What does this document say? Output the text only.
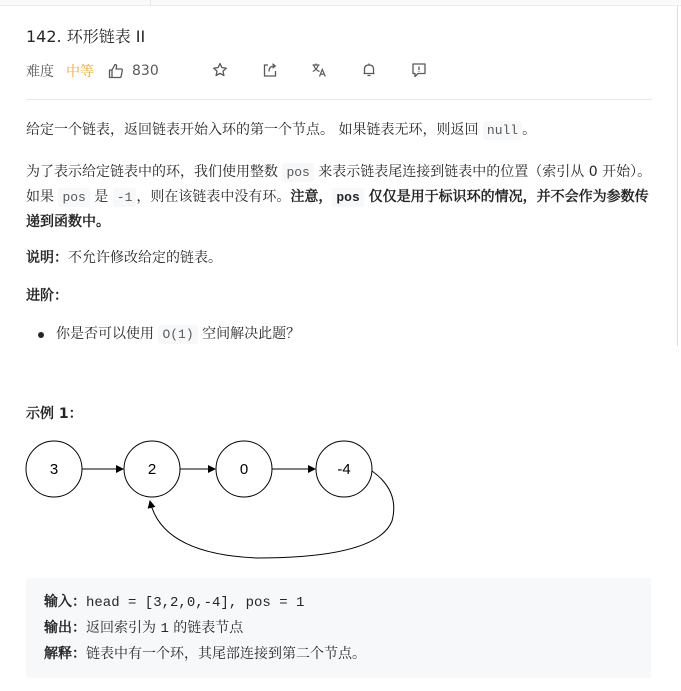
142. 环形链表 II
难度 中等	830
给定一个链表，返回链表开始入环的第一个节点。 如果链表无环，则返回 null 。
为了表示给定链表中的环，我们使用整数 pos 来表示链表尾连接到链表中的位置（索引从 0 开始）。 如果 pos 是 -1 ，则在该链表中没有环。注意， pos 仅仅是用于标识环的情况，并不会作为参数传递到函数中。
说明：不允许修改给定的链表。
进阶：
你是否可以使用 O(1) 空间解决此题？
示例 1：
3	2	0	-4
输入：head = [3,2,0,-4], pos = 1
输出：返回索引为 1 的链表节点
解释：链表中有一个环，其尾部连接到第二个节点。
